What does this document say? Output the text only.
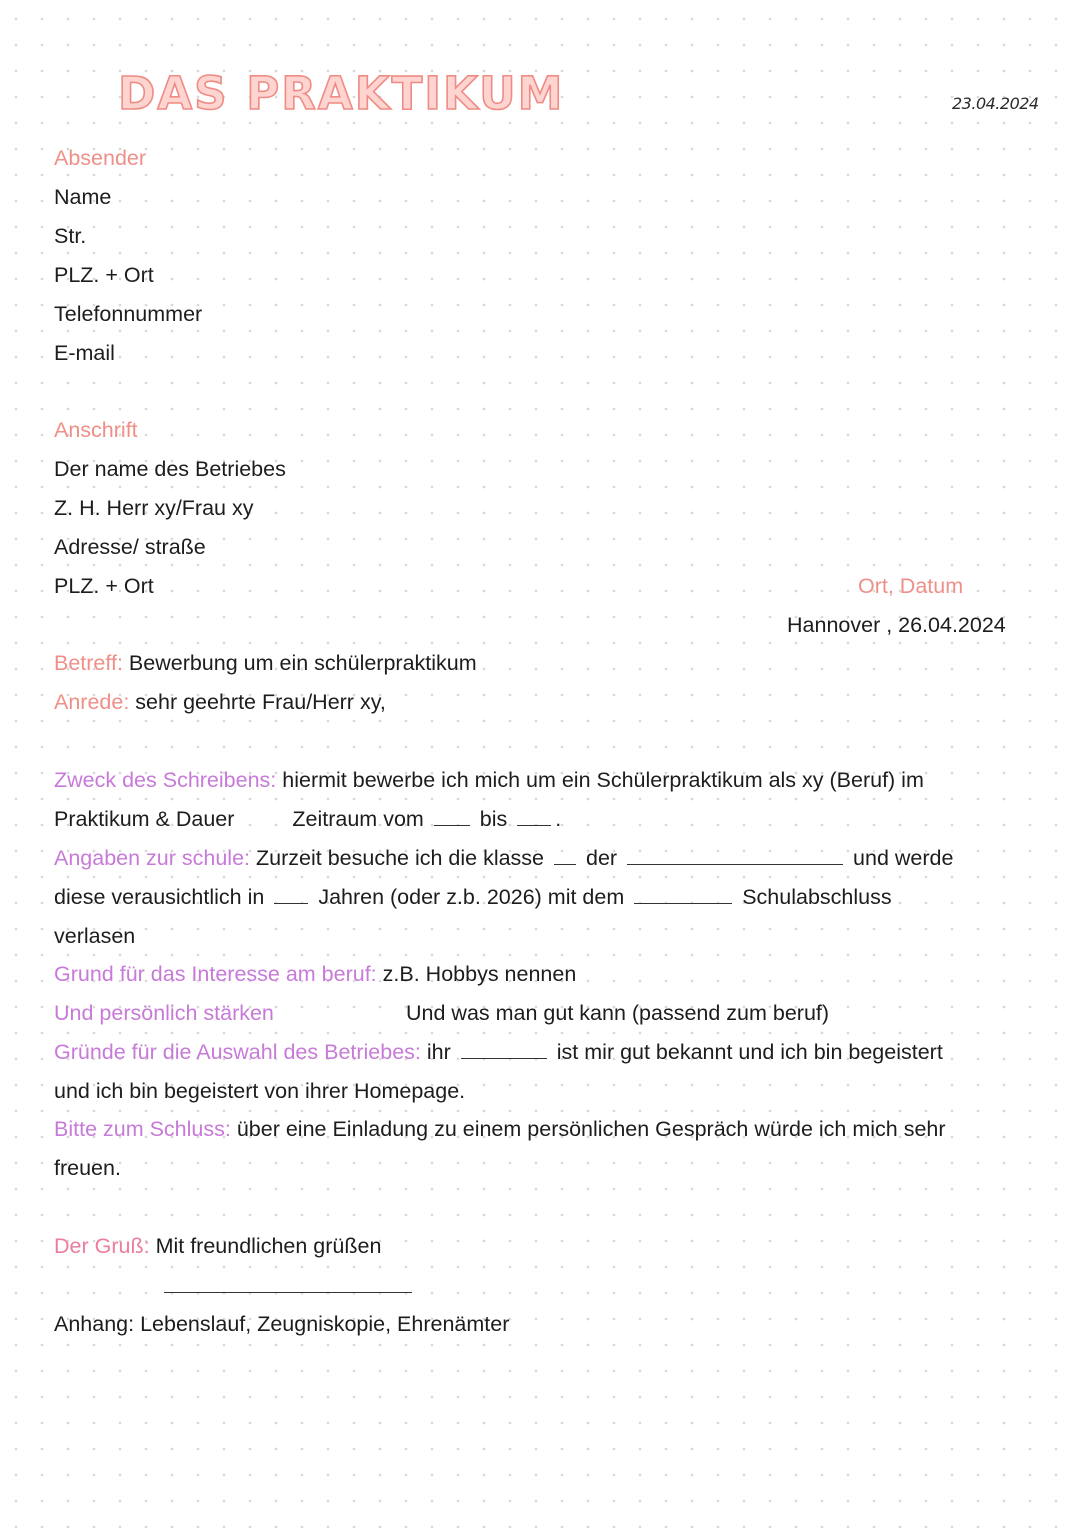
DAS PRAKTIKUM	23.04.2024
Absender
Name
Str.
PLZ. + Ort
Telefonnummer
E-mail
Anschrift
Der name des Betriebes
Z. H. Herr xy/Frau xy
Adresse/ straße
PLZ. + Ort	Ort, Datum
Hannover , 26.04.2024
Betreff: Bewerbung um ein schülerpraktikum
Anrede: sehr geehrte Frau/Herr xy,
Zweck des Schreibens: hiermit bewerbe ich mich um ein Schülerpraktikum als xy (Beruf) im
Praktikum & Dauer	Zeitraum vom	bis .
Angaben zur schule: Zurzeit besuche ich die klasse der	und werde
diese verausichtlich in	Jahren (oder z.b. 2026) mit dem	Schulabschluss
verlasen
Grund für das Interesse am beruf: z.B. Hobbys nennen
Und persönlich stärken	Und was man gut kann (passend zum beruf)
Gründe für die Auswahl des Betriebes: ihr	ist mir gut bekannt und ich bin begeistert
und ich bin begeistert von ihrer Homepage.
Bitte zum Schluss: über eine Einladung zu einem persönlichen Gespräch würde ich mich sehr
freuen.
Der Gruß: Mit freundlichen grüßen
Anhang: Lebenslauf, Zeugniskopie, Ehrenämter
